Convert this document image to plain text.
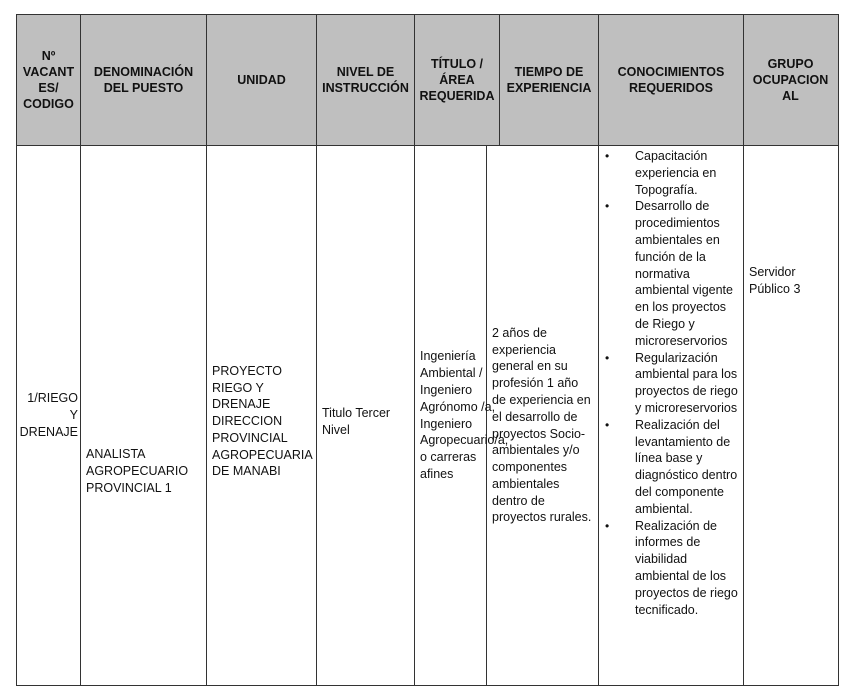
Nº VACANTES/ CODIGO
DENOMINACIÓN DEL PUESTO
UNIDAD
NIVEL DE INSTRUCCIÓN
TÍTULO /ÁREA REQUERIDA
TIEMPO DE EXPERIENCIA
CONOCIMIENTOS REQUERIDOS
GRUPO OCUPACIONAL
1/RIEGO Y DRENAJE
ANALISTA AGROPECUARIO PROVINCIAL 1
PROYECTO RIEGO Y DRENAJE DIRECCION PROVINCIAL AGROPECUARIA DE MANABI
Titulo Tercer Nivel
Ingeniería Ambiental / Ingeniero Agrónomo /a, Ingeniero Agropecuario/a, o carreras afines
2 años de experiencia general en su profesión 1 año de experiencia en el desarrollo de proyectos Socio-ambientales y/o componentes ambientales dentro de proyectos rurales.
• Capacitación experiencia en Topografía.
• Desarrollo de procedimientos ambientales en función de la normativa ambiental vigente en los proyectos de Riego y microreservorios
• Regularización ambiental para los proyectos de riego y microreservorios
• Realización del levantamiento de línea base y diagnóstico dentro del componente ambiental.
• Realización de informes de viabilidad ambiental de los proyectos de riego tecnificado.
Servidor Público 3
